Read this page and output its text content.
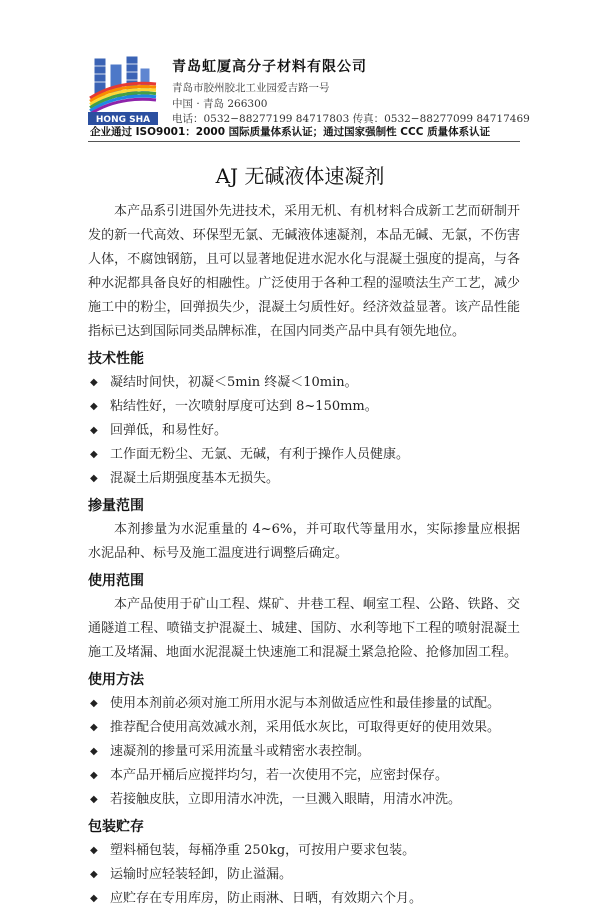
HONG SHA
青岛虹厦高分子材料有限公司
青岛市胶州胶北工业园爱吉路一号
中国 · 青岛 266300
电话：0532−88277199 84717803 传真：0532−88277099 84717469
企业通过 ISO9001：2000 国际质量体系认证；通过国家强制性 CCC 质量体系认证
AJ 无碱液体速凝剂

本产品系引进国外先进技术，采用无机、有机材料合成新工艺而研制开发的新一代高效、环保型无氯、无碱液体速凝剂，本品无碱、无氯，不伤害人体，不腐蚀钢筋，且可以显著地促进水泥水化与混凝土强度的提高，与各种水泥都具备良好的相融性。广泛使用于各种工程的湿喷法生产工艺，减少施工中的粉尘，回弹损失少，混凝土匀质性好。经济效益显著。该产品性能指标已达到国际同类品牌标准，在国内同类产品中具有领先地位。

技术性能
◆ 凝结时间快，初凝＜5min 终凝＜10min。
◆ 粘结性好，一次喷射厚度可达到 8~150mm。
◆ 回弹低，和易性好。
◆ 工作面无粉尘、无氯、无碱，有利于操作人员健康。
◆ 混凝土后期强度基本无损失。
掺量范围

本剂掺量为水泥重量的 4~6%，并可取代等量用水，实际掺量应根据水泥品种、标号及施工温度进行调整后确定。

使用范围

本产品使用于矿山工程、煤矿、井巷工程、峒室工程、公路、铁路、交通隧道工程、喷锚支护混凝土、城建、国防、水利等地下工程的喷射混凝土施工及堵漏、地面水泥混凝土快速施工和混凝土紧急抢险、抢修加固工程。

使用方法
◆ 使用本剂前必须对施工所用水泥与本剂做适应性和最佳掺量的试配。
◆ 推荐配合使用高效减水剂，采用低水灰比，可取得更好的使用效果。
◆ 速凝剂的掺量可采用流量斗或精密水表控制。
◆ 本产品开桶后应搅拌均匀，若一次使用不完，应密封保存。
◆ 若接触皮肤，立即用清水冲洗，一旦溅入眼睛，用清水冲洗。
包装贮存
◆ 塑料桶包装，每桶净重 250kg，可按用户要求包装。
◆ 运输时应轻装轻卸，防止溢漏。
◆ 应贮存在专用库房，防止雨淋、日晒，有效期六个月。
